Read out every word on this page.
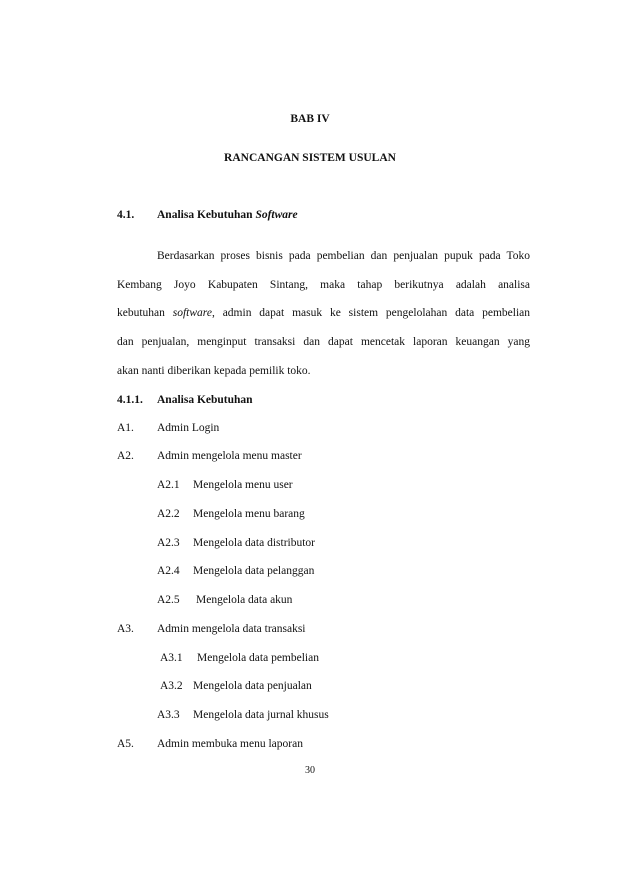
BAB IV
RANCANGAN SISTEM USULAN
4.1. Analisa Kebutuhan Software
Berdasarkan proses bisnis pada pembelian dan penjualan pupuk pada Toko
Kembang Joyo Kabupaten Sintang, maka tahap berikutnya adalah analisa
kebutuhan software, admin dapat masuk ke sistem pengelolahan data pembelian
dan penjualan, menginput transaksi dan dapat mencetak laporan keuangan yang
akan nanti diberikan kepada pemilik toko.
4.1.1. Analisa Kebutuhan
A1. Admin Login
A2. Admin mengelola menu master
A2.1 Mengelola menu user
A2.2 Mengelola menu barang
A2.3 Mengelola data distributor
A2.4 Mengelola data pelanggan
A2.5 Mengelola data akun
A3. Admin mengelola data transaksi
A3.1 Mengelola data pembelian
A3.2 Mengelola data penjualan
A3.3 Mengelola data jurnal khusus
A5. Admin membuka menu laporan
30
